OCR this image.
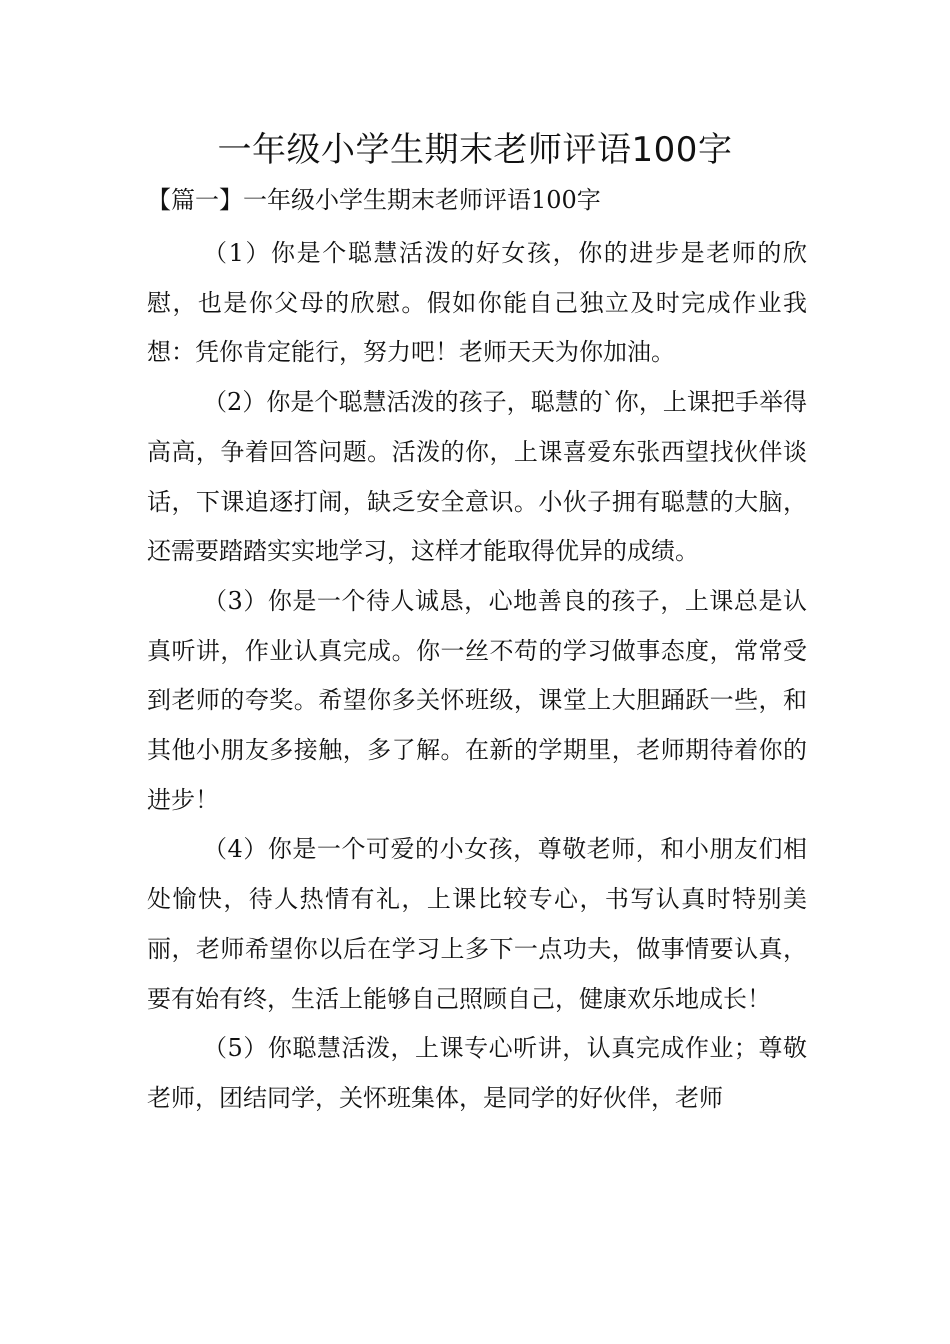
一年级小学生期末老师评语100字

【篇一】一年级小学生期末老师评语100字

（1）你是个聪慧活泼的好女孩，你的进步是老师的欣慰，也是你父母的欣慰。假如你能自己独立及时完成作业我想：凭你肯定能行，努力吧！老师天天为你加油。

（2）你是个聪慧活泼的孩子，聪慧的`你，上课把手举得高高，争着回答问题。活泼的你，上课喜爱东张西望找伙伴谈话，下课追逐打闹，缺乏安全意识。小伙子拥有聪慧的大脑，还需要踏踏实实地学习，这样才能取得优异的成绩。

（3）你是一个待人诚恳，心地善良的孩子，上课总是认真听讲，作业认真完成。你一丝不苟的学习做事态度，常常受到老师的夸奖。希望你多关怀班级，课堂上大胆踊跃一些，和其他小朋友多接触，多了解。在新的学期里，老师期待着你的进步！

（4）你是一个可爱的小女孩，尊敬老师，和小朋友们相处愉快，待人热情有礼，上课比较专心，书写认真时特别美丽，老师希望你以后在学习上多下一点功夫，做事情要认真，要有始有终，生活上能够自己照顾自己，健康欢乐地成长！

（5）你聪慧活泼，上课专心听讲，认真完成作业；尊敬老师，团结同学，关怀班集体，是同学的好伙伴，老师
